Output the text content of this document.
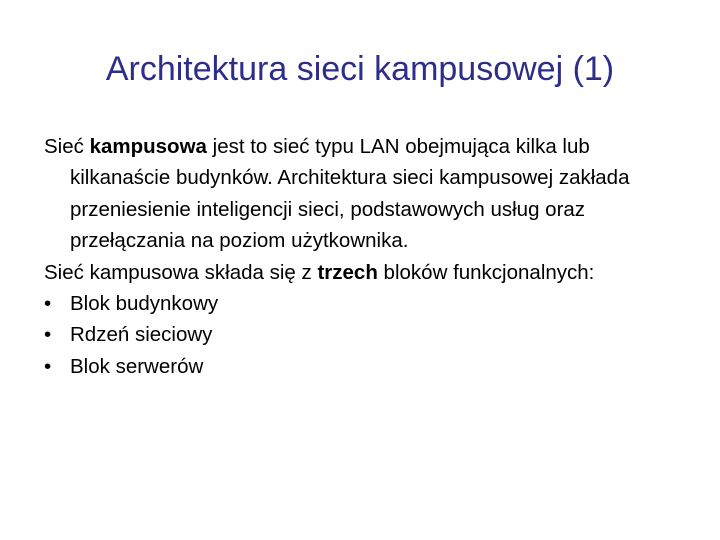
Architektura sieci kampusowej (1)

Sieć kampusowa jest to sieć typu LAN obejmująca kilka lub kilkanaście budynków. Architektura sieci kampusowej zakłada przeniesienie inteligencji sieci, podstawowych usług oraz przełączania na poziom użytkownika.

Sieć kampusowa składa się z trzech bloków funkcjonalnych:

• Blok budynkowy
• Rdzeń sieciowy
• Blok serwerów
